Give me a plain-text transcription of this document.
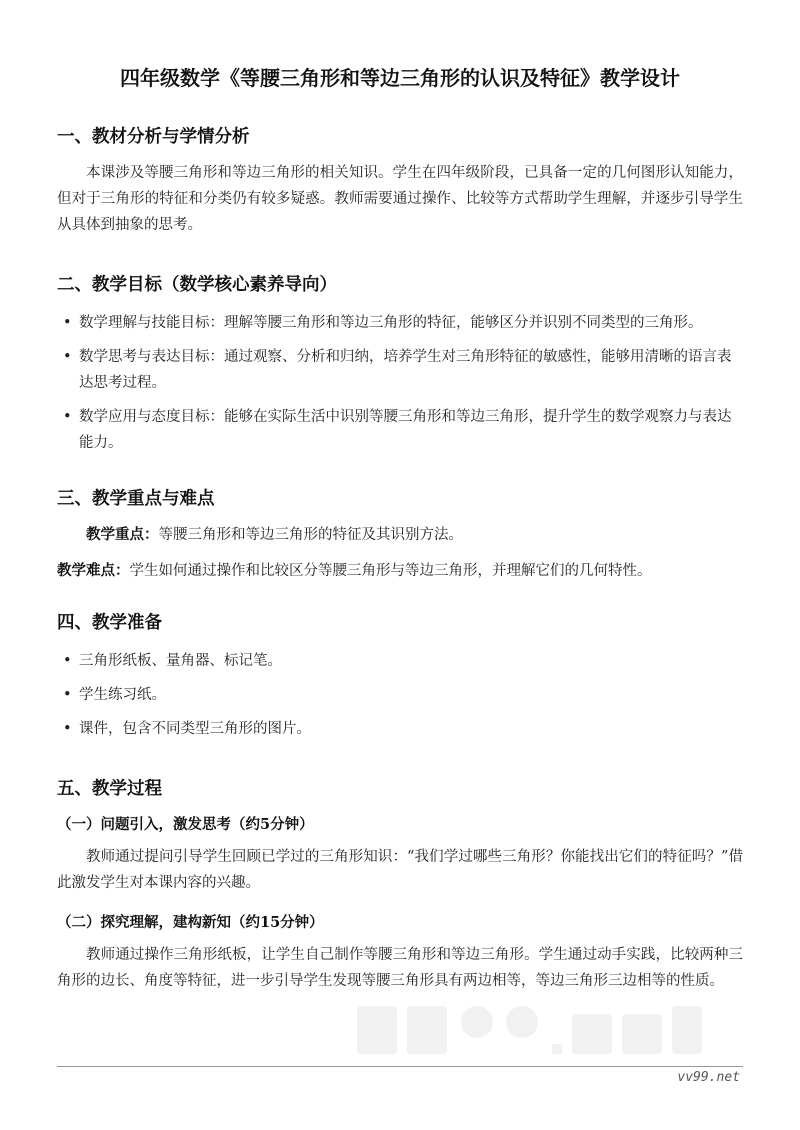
四年级数学《等腰三角形和等边三角形的认识及特征》教学设计
一、教材分析与学情分析
本课涉及等腰三角形和等边三角形的相关知识。学生在四年级阶段，已具备一定的几何图形认知能力，但对于三角形的特征和分类仍有较多疑惑。教师需要通过操作、比较等方式帮助学生理解，并逐步引导学生从具体到抽象的思考。
二、教学目标（数学核心素养导向）
• 数学理解与技能目标：理解等腰三角形和等边三角形的特征，能够区分并识别不同类型的三角形。
• 数学思考与表达目标：通过观察、分析和归纳，培养学生对三角形特征的敏感性，能够用清晰的语言表达思考过程。
• 数学应用与态度目标：能够在实际生活中识别等腰三角形和等边三角形，提升学生的数学观察力与表达能力。
三、教学重点与难点
教学重点：等腰三角形和等边三角形的特征及其识别方法。
教学难点：学生如何通过操作和比较区分等腰三角形与等边三角形，并理解它们的几何特性。
四、教学准备
• 三角形纸板、量角器、标记笔。
• 学生练习纸。
• 课件，包含不同类型三角形的图片。
五、教学过程
（一）问题引入，激发思考（约5分钟）
教师通过提问引导学生回顾已学过的三角形知识：“我们学过哪些三角形？你能找出它们的特征吗？”借此激发学生对本课内容的兴趣。
（二）探究理解，建构新知（约15分钟）
教师通过操作三角形纸板，让学生自己制作等腰三角形和等边三角形。学生通过动手实践，比较两种三角形的边长、角度等特征，进一步引导学生发现等腰三角形具有两边相等，等边三角形三边相等的性质。
vv99.net
